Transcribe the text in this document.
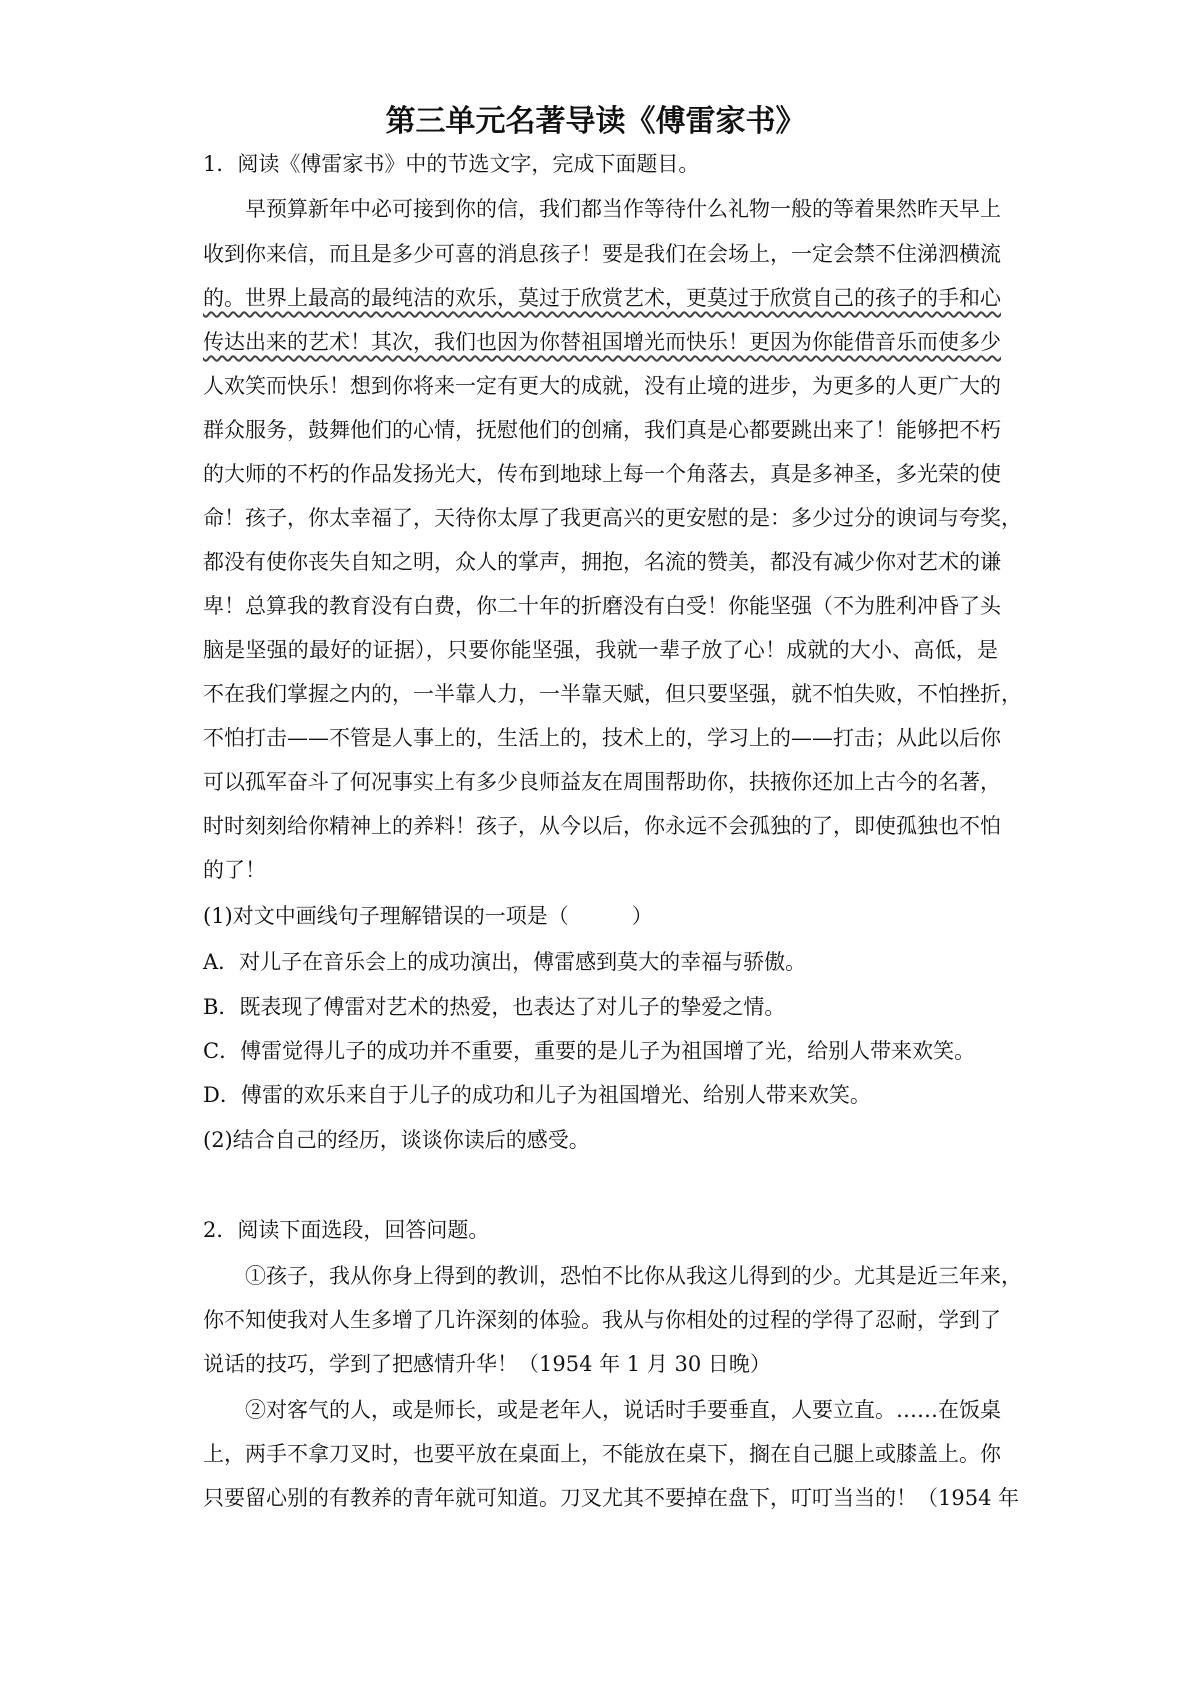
第三单元名著导读《傅雷家书》
1．阅读《傅雷家书》中的节选文字，完成下面题目。
早预算新年中必可接到你的信，我们都当作等待什么礼物一般的等着果然昨天早上
收到你来信，而且是多少可喜的消息孩子！要是我们在会场上，一定会禁不住涕泗横流
的。世界上最高的最纯洁的欢乐，莫过于欣赏艺术，更莫过于欣赏自己的孩子的手和心
传达出来的艺术！其次，我们也因为你替祖国增光而快乐！更因为你能借音乐而使多少
人欢笑而快乐！想到你将来一定有更大的成就，没有止境的进步，为更多的人更广大的
群众服务，鼓舞他们的心情，抚慰他们的创痛，我们真是心都要跳出来了！能够把不朽
的大师的不朽的作品发扬光大，传布到地球上每一个角落去，真是多神圣，多光荣的使
命！孩子，你太幸福了，天待你太厚了我更高兴的更安慰的是：多少过分的谀词与夸奖，
都没有使你丧失自知之明，众人的掌声，拥抱，名流的赞美，都没有减少你对艺术的谦
卑！总算我的教育没有白费，你二十年的折磨没有白受！你能坚强（不为胜利冲昏了头
脑是坚强的最好的证据），只要你能坚强，我就一辈子放了心！成就的大小、高低，是
不在我们掌握之内的，一半靠人力，一半靠天赋，但只要坚强，就不怕失败，不怕挫折，
不怕打击——不管是人事上的，生活上的，技术上的，学习上的——打击；从此以后你
可以孤军奋斗了何况事实上有多少良师益友在周围帮助你，扶掖你还加上古今的名著，
时时刻刻给你精神上的养料！孩子，从今以后，你永远不会孤独的了，即使孤独也不怕
的了！
(1)对文中画线句子理解错误的一项是（　　　）
A．对儿子在音乐会上的成功演出，傅雷感到莫大的幸福与骄傲。
B．既表现了傅雷对艺术的热爱，也表达了对儿子的挚爱之情。
C．傅雷觉得儿子的成功并不重要，重要的是儿子为祖国增了光，给别人带来欢笑。
D．傅雷的欢乐来自于儿子的成功和儿子为祖国增光、给别人带来欢笑。
(2)结合自己的经历，谈谈你读后的感受。
2．阅读下面选段，回答问题。
①孩子，我从你身上得到的教训，恐怕不比你从我这儿得到的少。尤其是近三年来，
你不知使我对人生多增了几许深刻的体验。我从与你相处的过程的学得了忍耐，学到了
说话的技巧，学到了把感情升华！（1954 年 1 月 30 日晚）
②对客气的人，或是师长，或是老年人，说话时手要垂直，人要立直。……在饭桌
上，两手不拿刀叉时，也要平放在桌面上，不能放在桌下，搁在自己腿上或膝盖上。你
只要留心别的有教养的青年就可知道。刀叉尤其不要掉在盘下，叮叮当当的！（1954 年
